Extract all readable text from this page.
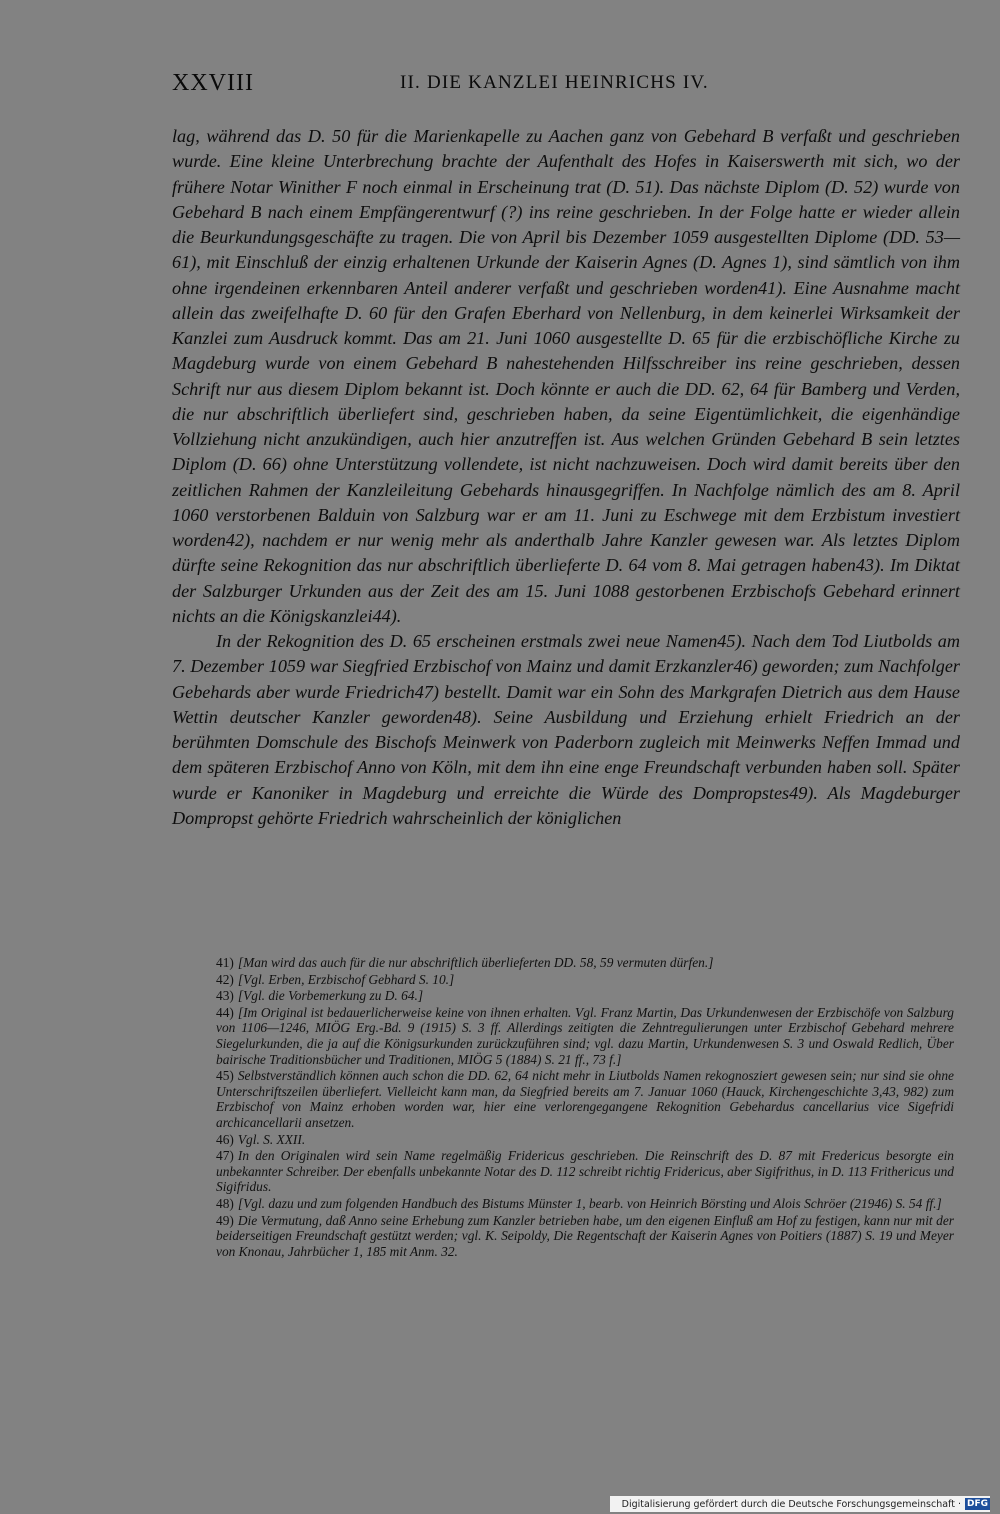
XXVIII	II. DIE KANZLEI HEINRICHS IV.

lag, während das D. 50 für die Marienkapelle zu Aachen ganz von Gebehard B verfaßt und geschrieben wurde. Eine kleine Unterbrechung brachte der Aufenthalt des Hofes in Kaiserswerth mit sich, wo der frühere Notar Winither F noch einmal in Erscheinung trat (D. 51). Das nächste Diplom (D. 52) wurde von Gebehard B nach einem Empfängerentwurf (?) ins reine geschrieben. In der Folge hatte er wieder allein die Beurkundungsgeschäfte zu tragen. Die von April bis Dezember 1059 ausgestellten Diplome (DD. 53—61), mit Einschluß der einzig erhaltenen Urkunde der Kaiserin Agnes (D. Agnes 1), sind sämtlich von ihm ohne irgendeinen erkennbaren Anteil anderer verfaßt und geschrieben worden41). Eine Ausnahme macht allein das zweifelhafte D. 60 für den Grafen Eberhard von Nellenburg, in dem keinerlei Wirksamkeit der Kanzlei zum Ausdruck kommt. Das am 21. Juni 1060 ausgestellte D. 65 für die erzbischöfliche Kirche zu Magdeburg wurde von einem Gebehard B nahestehenden Hilfsschreiber ins reine geschrieben, dessen Schrift nur aus diesem Diplom bekannt ist. Doch könnte er auch die DD. 62, 64 für Bamberg und Verden, die nur abschriftlich überliefert sind, geschrieben haben, da seine Eigentümlichkeit, die eigenhändige Vollziehung nicht anzukündigen, auch hier anzutreffen ist. Aus welchen Gründen Gebehard B sein letztes Diplom (D. 66) ohne Unterstützung vollendete, ist nicht nachzuweisen. Doch wird damit bereits über den zeitlichen Rahmen der Kanzleileitung Gebehards hinausgegriffen. In Nachfolge nämlich des am 8. April 1060 verstorbenen Balduin von Salzburg war er am 11. Juni zu Eschwege mit dem Erzbistum investiert worden42), nachdem er nur wenig mehr als anderthalb Jahre Kanzler gewesen war. Als letztes Diplom dürfte seine Rekognition das nur abschriftlich überlieferte D. 64 vom 8. Mai getragen haben43). Im Diktat der Salzburger Urkunden aus der Zeit des am 15. Juni 1088 gestorbenen Erzbischofs Gebehard erinnert nichts an die Königskanzlei44).

In der Rekognition des D. 65 erscheinen erstmals zwei neue Namen45). Nach dem Tod Liutbolds am 7. Dezember 1059 war Siegfried Erzbischof von Mainz und damit Erzkanzler46) geworden; zum Nachfolger Gebehards aber wurde Friedrich47) bestellt. Damit war ein Sohn des Markgrafen Dietrich aus dem Hause Wettin deutscher Kanzler geworden48). Seine Ausbildung und Erziehung erhielt Friedrich an der berühmten Domschule des Bischofs Meinwerk von Paderborn zugleich mit Meinwerks Neffen Immad und dem späteren Erzbischof Anno von Köln, mit dem ihn eine enge Freundschaft verbunden haben soll. Später wurde er Kanoniker in Magdeburg und erreichte die Würde des Dompropstes49). Als Magdeburger Dompropst gehörte Friedrich wahrscheinlich der königlichen

41) [Man wird das auch für die nur abschriftlich überlieferten DD. 58, 59 vermuten dürfen.]
42) [Vgl. Erben, Erzbischof Gebhard S. 10.]
43) [Vgl. die Vorbemerkung zu D. 64.]
44) [Im Original ist bedauerlicherweise keine von ihnen erhalten. Vgl. Franz Martin, Das Urkundenwesen der Erzbischöfe von Salzburg von 1106—1246, MIÖG Erg.-Bd. 9 (1915) S. 3 ff. Allerdings zeitigten die Zehntregulierungen unter Erzbischof Gebehard mehrere Siegelurkunden, die ja auf die Königsurkunden zurückzuführen sind; vgl. dazu Martin, Urkundenwesen S. 3 und Oswald Redlich, Über bairische Traditionsbücher und Traditionen, MIÖG 5 (1884) S. 21 ff., 73 f.]
45) Selbstverständlich können auch schon die DD. 62, 64 nicht mehr in Liutbolds Namen rekognosziert gewesen sein; nur sind sie ohne Unterschriftszeilen überliefert. Vielleicht kann man, da Siegfried bereits am 7. Januar 1060 (Hauck, Kirchengeschichte 3,43, 982) zum Erzbischof von Mainz erhoben worden war, hier eine verlorengegangene Rekognition Gebehardus cancellarius vice Sigefridi archicancellarii ansetzen.
46) Vgl. S. XXII.
47) In den Originalen wird sein Name regelmäßig Fridericus geschrieben. Die Reinschrift des D. 87 mit Fredericus besorgte ein unbekannter Schreiber. Der ebenfalls unbekannte Notar des D. 112 schreibt richtig Fridericus, aber Sigifrithus, in D. 113 Frithericus und Sigifridus.
48) [Vgl. dazu und zum folgenden Handbuch des Bistums Münster 1, bearb. von Heinrich Börsting und Alois Schröer (21946) S. 54 ff.]
49) Die Vermutung, daß Anno seine Erhebung zum Kanzler betrieben habe, um den eigenen Einfluß am Hof zu festigen, kann nur mit der beiderseitigen Freundschaft gestützt werden; vgl. K. Seipoldy, Die Regentschaft der Kaiserin Agnes von Poitiers (1887) S. 19 und Meyer von Knonau, Jahrbücher 1, 185 mit Anm. 32.
Digitalisierung gefördert durch die Deutsche Forschungsgemeinschaft · DFG
